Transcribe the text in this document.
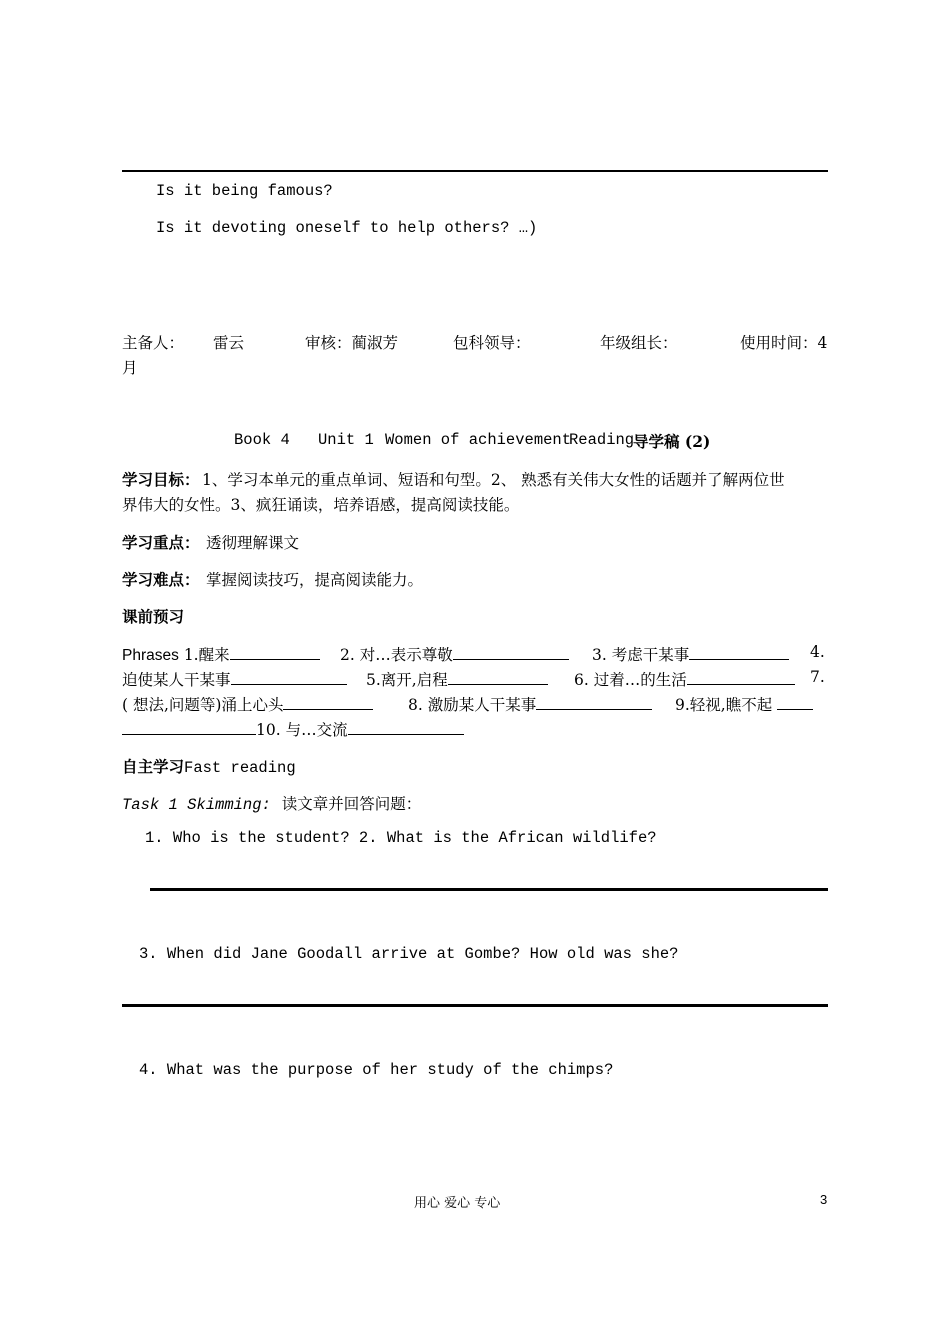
Is it being famous?
Is it devoting oneself to help others? …)
主备人： 雷云	审核：蔺淑芳	包科领导：	年级组长：	使用时间：4
月
Book 4 Unit 1 Women of achievement
Reading
导学稿 (2)
学习目标： 1、学习本单元的重点单词、短语和句型。2、 熟悉有关伟大女性的话题并了解两位世
界伟大的女性。3、疯狂诵读，培养语感，提高阅读技能。
学习重点： 透彻理解课文
学习难点： 掌握阅读技巧，提高阅读能力。
课前预习
Phrases 1.醒来	2. 对…表示尊敬	3. 考虑干某事	4.
迫使某人干某事	5.离开,启程	6. 过着…的生活	7.
( 想法,问题等)涌上心头	8. 激励某人干某事	9.轻视,瞧不起
10. 与…交流
自主学习Fast reading
Task 1 Skimming: 读文章并回答问题：
1. Who is the student? 2. What is the African wildlife?
3. When did Jane Goodall arrive at Gombe? How old was she?
4. What was the purpose of her study of the chimps?
用心 爱心 专心	3
